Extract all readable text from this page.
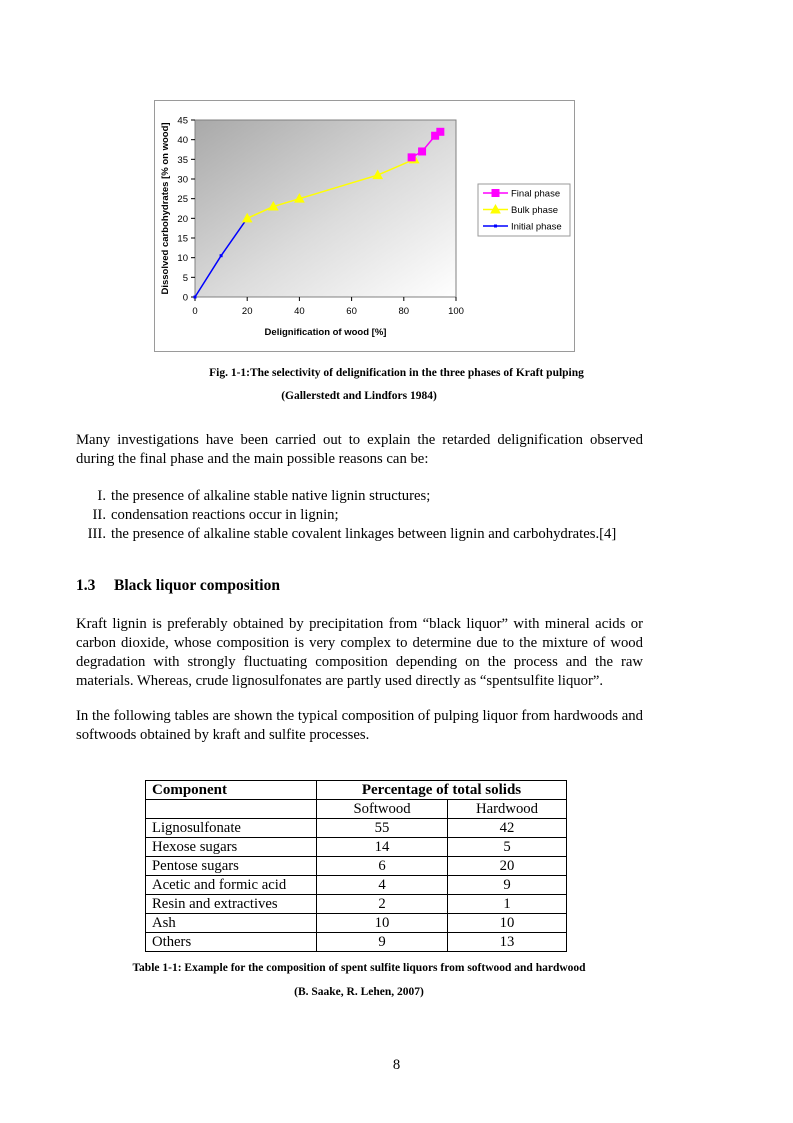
0
5
10
15
20
25
30
35
40
45
0	20	40	60	80	100
Delignification of wood [%]
Dissolved carbohydrates [% on wood]	Final phase
Bulk phase
Initial phase
Fig. 1-1:The selectivity of delignification in the three phases of Kraft pulping
(Gallerstedt and Lindfors 1984)
Many investigations have been carried out to explain the retarded delignification observed during the final phase and the main possible reasons can be:
I. the presence of alkaline stable native lignin structures;
II. condensation reactions occur in lignin;
III. the presence of alkaline stable covalent linkages between lignin and carbohydrates.[4]
1.3 Black liquor composition
Kraft lignin is preferably obtained by precipitation from “black liquor” with mineral acids or carbon dioxide, whose composition is very complex to determine due to the mixture of wood degradation with strongly fluctuating composition depending on the process and the raw materials. Whereas, crude lignosulfonates are partly used directly as “spentsulfite liquor”.
In the following tables are shown the typical composition of pulping liquor from hardwoods and softwoods obtained by kraft and sulfite processes.
Component	Percentage of total solids	
	Softwood	Hardwood
Lignosulfonate	55	42
Hexose sugars	14	5
Pentose sugars	6	20
Acetic and formic acid	4	9
Resin and extractives	2	1
Ash	10	10
Others	9	13
Table 1-1: Example for the composition of spent sulfite liquors from softwood and hardwood
(B. Saake, R. Lehen, 2007)
8
